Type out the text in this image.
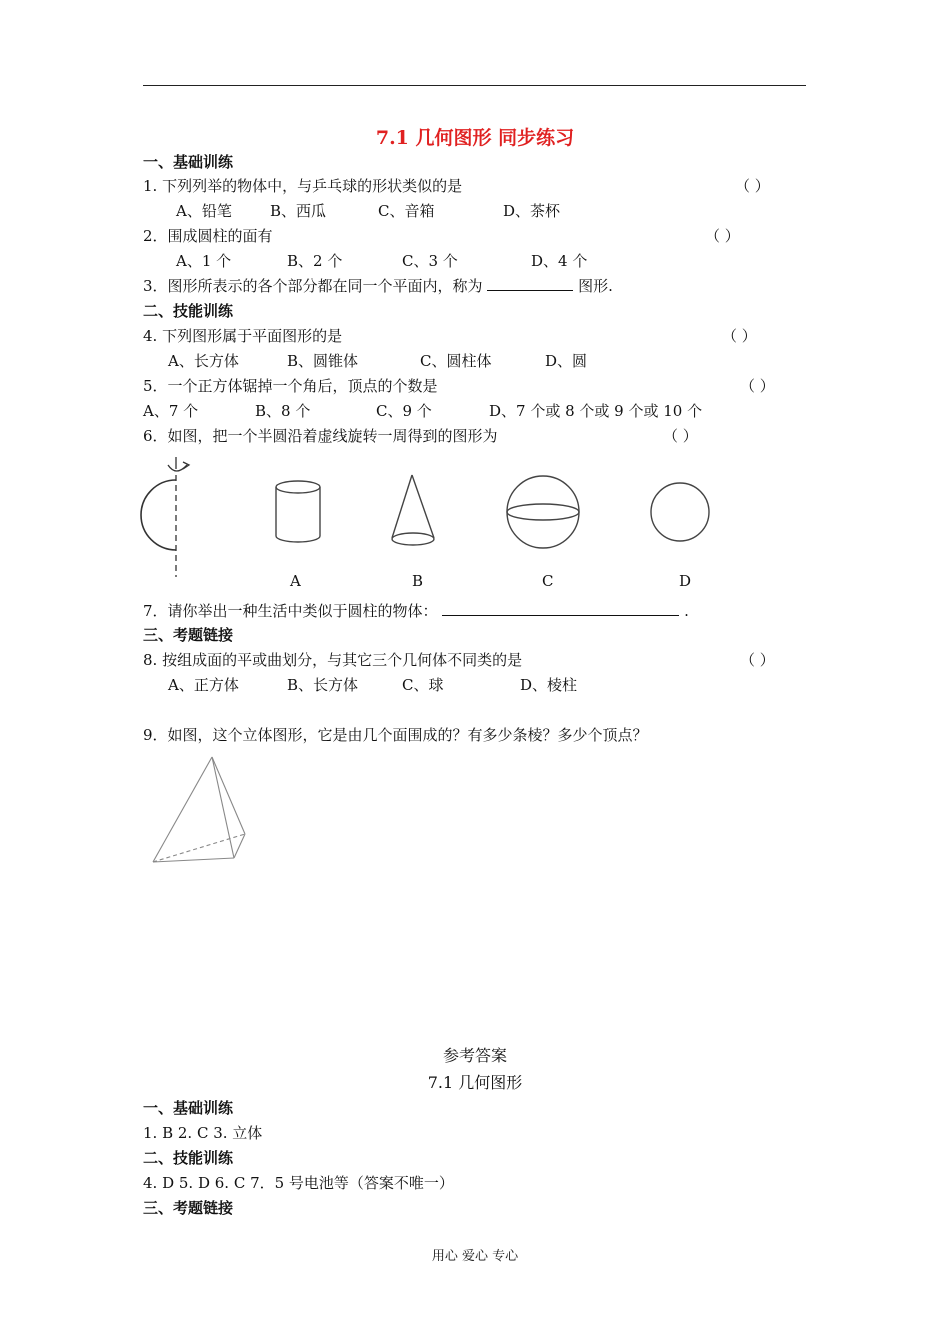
7.1 几何图形 同步练习
一、基础训练
1. 下列列举的物体中，与乒乓球的形状类似的是	（ ）
A、铅笔	B、西瓜	C、音箱	D、茶杯
2．围成圆柱的面有	（ ）
A、1 个	B、2 个	C、3 个	D、4 个
3．图形所表示的各个部分都在同一个平面内，称为	图形.
二、技能训练
4. 下列图形属于平面图形的是	（ ）
A、长方体	B、圆锥体	C、圆柱体	D、圆
5．一个正方体锯掉一个角后，顶点的个数是	（ ）
A、7 个	B、8 个	C、9 个	D、7 个或 8 个或 9 个或 10 个
6．如图，把一个半圆沿着虚线旋转一周得到的图形为	（ ）
A	B	C	D
7．请你举出一种生活中类似于圆柱的物体：	.
三、考题链接
8. 按组成面的平或曲划分，与其它三个几何体不同类的是	（ ）
A、正方体	B、长方体	C、球	D、棱柱
9．如图，这个立体图形，它是由几个面围成的？有多少条棱？多少个顶点？
参考答案
7.1 几何图形
一、基础训练
1. B 2. C 3. 立体
二、技能训练
4. D 5. D 6. C 7．5 号电池等（答案不唯一）
三、考题链接
用心 爱心 专心
